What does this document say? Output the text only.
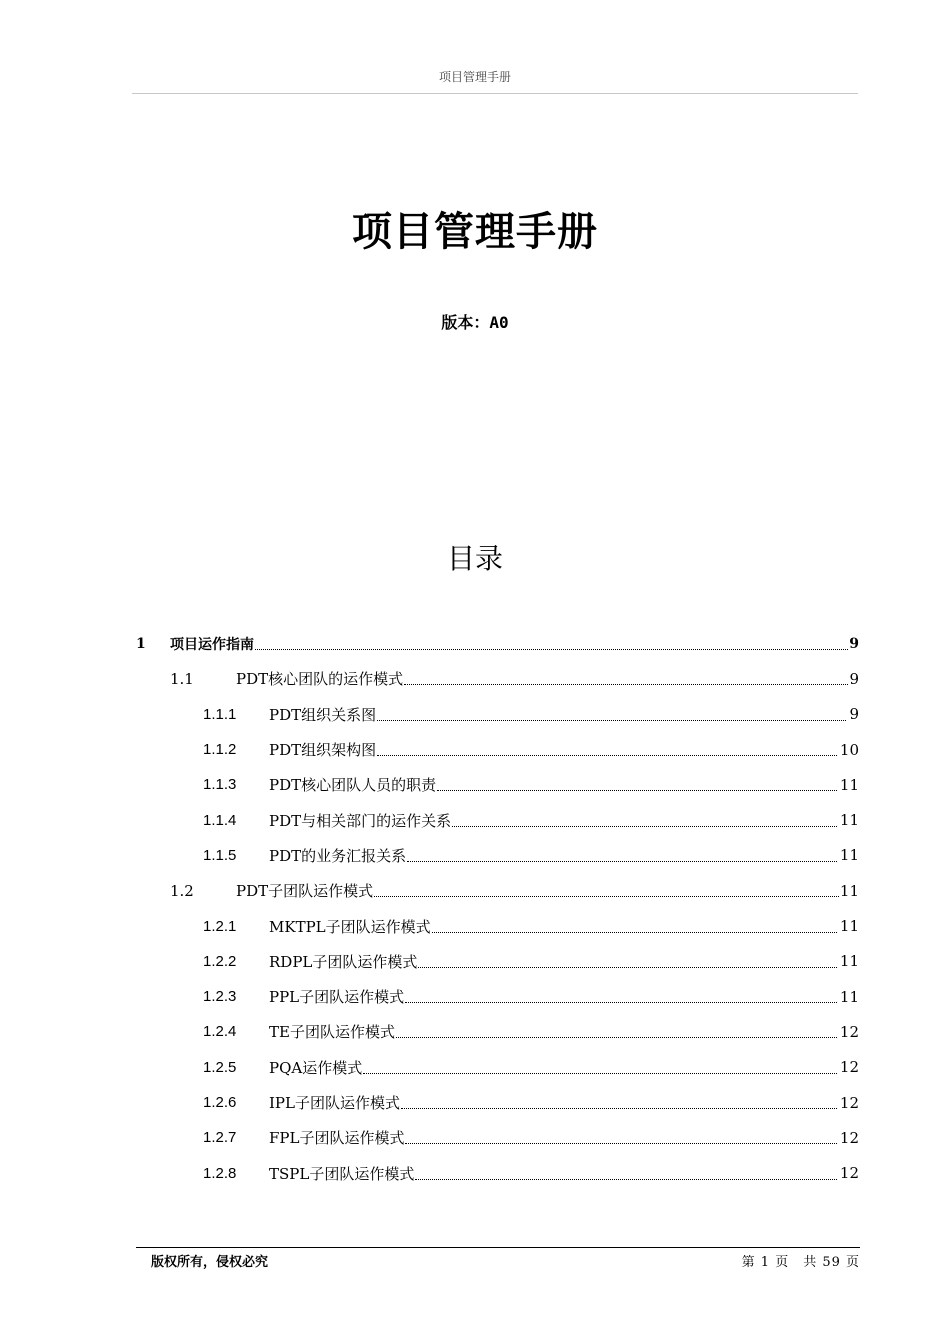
项目管理手册
项目管理手册
版本：A0
目录
1	项目运作指南	9
1.1	PDT核心团队的运作模式	9
1.1.1	PDT组织关系图	9
1.1.2	PDT组织架构图	10
1.1.3	PDT核心团队人员的职责	11
1.1.4	PDT与相关部门的运作关系	11
1.1.5	PDT的业务汇报关系	11
1.2	PDT子团队运作模式	11
1.2.1	MKTPL子团队运作模式	11
1.2.2	RDPL子团队运作模式	11
1.2.3	PPL子团队运作模式	11
1.2.4	TE子团队运作模式	12
1.2.5	PQA运作模式	12
1.2.6	IPL子团队运作模式	12
1.2.7	FPL子团队运作模式	12
1.2.8	TSPL子团队运作模式	12
版权所有，侵权必究	第 1 页　共 59 页
